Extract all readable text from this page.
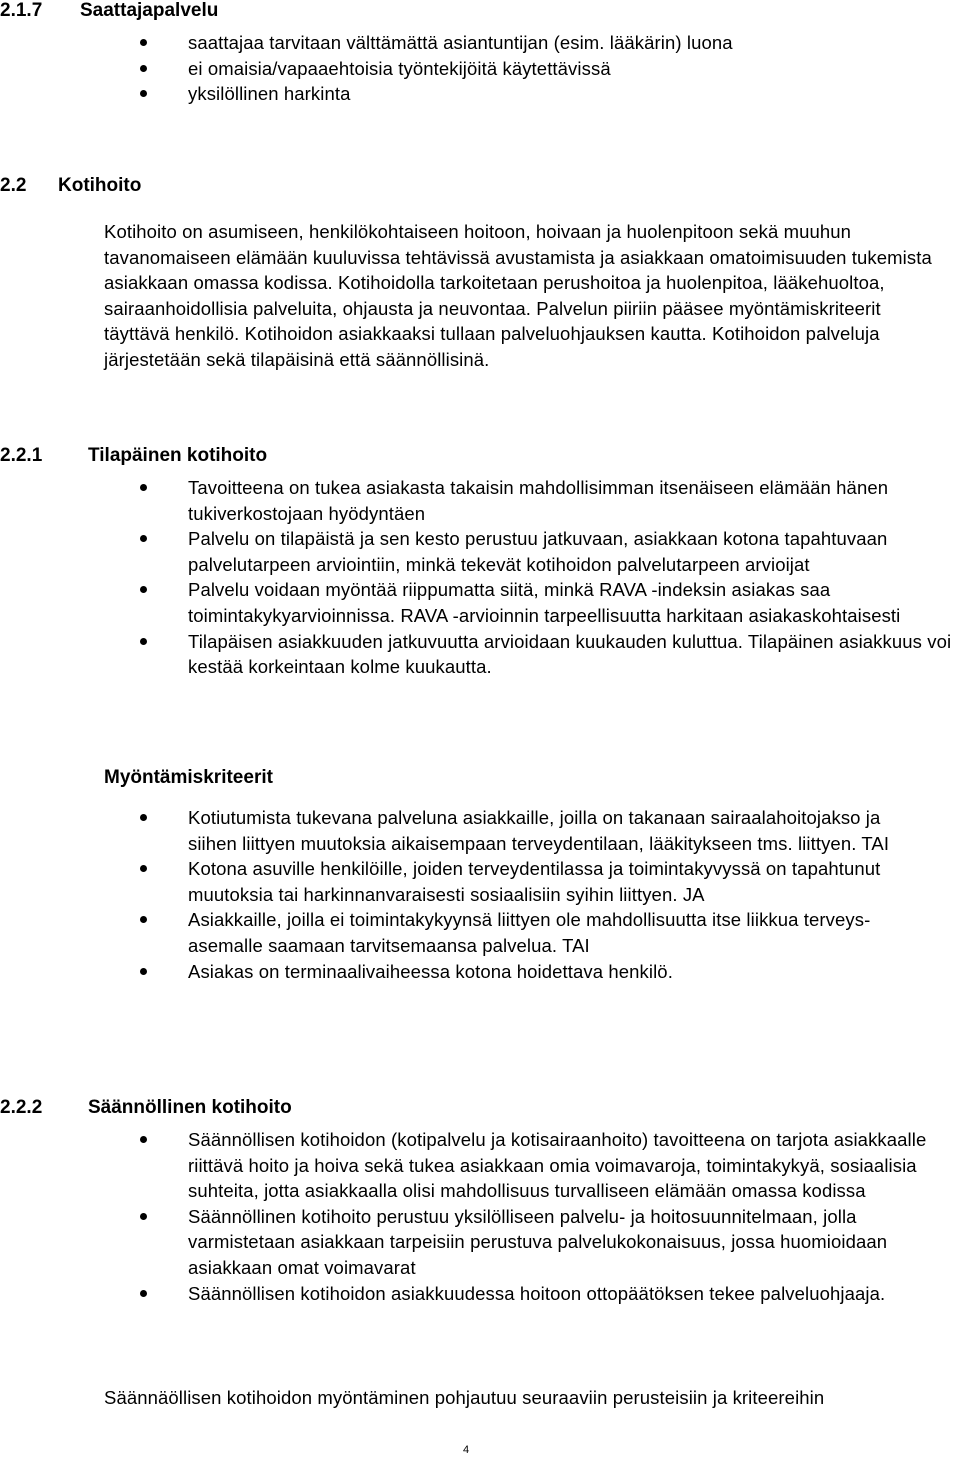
2.1.7 Saattajapalvelu
saattajaa tarvitaan välttämättä asiantuntijan (esim. lääkärin) luona
ei omaisia/vapaaehtoisia työntekijöitä käytettävissä
yksilöllinen harkinta
2.2 Kotihoito

Kotihoito on asumiseen, henkilökohtaiseen hoitoon, hoivaan ja huolenpitoon sekä muuhun tavanomaiseen elämään kuuluvissa tehtävissä avustamista ja asiakkaan omatoimisuuden tukemista asiakkaan omassa kodissa. Kotihoidolla tarkoitetaan perushoitoa ja huolenpitoa, lääkehuoltoa, sairaanhoidollisia palveluita, ohjausta ja neuvontaa. Palvelun piiriin pääsee myöntämiskriteerit täyttävä henkilö. Kotihoidon asiakkaaksi tullaan palveluohjauksen kautta. Kotihoidon palveluja järjestetään sekä tilapäisinä että säännöllisinä.

2.2.1 Tilapäinen kotihoito
Tavoitteena on tukea asiakasta takaisin mahdollisimman itsenäiseen elämään hänen tukiverkostojaan hyödyntäen
Palvelu on tilapäistä ja sen kesto perustuu jatkuvaan, asiakkaan kotona tapahtuvaan palvelutarpeen arviointiin, minkä tekevät kotihoidon palvelutarpeen arvioijat
Palvelu voidaan myöntää riippumatta siitä, minkä RAVA -indeksin asiakas saa toimintakykyarvioinnissa. RAVA -arvioinnin tarpeellisuutta harkitaan asiakaskohtaisesti
Tilapäisen asiakkuuden jatkuvuutta arvioidaan kuukauden kuluttua. Tilapäinen asiakkuus voi kestää korkeintaan kolme kuukautta.
Myöntämiskriteerit
Kotiutumista tukevana palveluna asiakkaille, joilla on takanaan sairaalahoitojakso ja siihen liittyen muutoksia aikaisempaan terveydentilaan, lääkitykseen tms. liittyen. TAI
Kotona asuville henkilöille, joiden terveydentilassa ja toimintakyvyssä on tapahtunut muutoksia tai harkinnanvaraisesti sosiaalisiin syihin liittyen. JA
Asiakkaille, joilla ei toimintakykyynsä liittyen ole mahdollisuutta itse liikkua terveys-asemalle saamaan tarvitsemaansa palvelua. TAI
Asiakas on terminaalivaiheessa kotona hoidettava henkilö.
2.2.2 Säännöllinen kotihoito
Säännöllisen kotihoidon (kotipalvelu ja kotisairaanhoito) tavoitteena on tarjota asiakkaalle riittävä hoito ja hoiva sekä tukea asiakkaan omia voimavaroja, toimintakykyä, sosiaalisia suhteita, jotta asiakkaalla olisi mahdollisuus turvalliseen elämään omassa kodissa
Säännöllinen kotihoito perustuu yksilölliseen palvelu- ja hoitosuunnitelmaan, jolla varmistetaan asiakkaan tarpeisiin perustuva palvelukokonaisuus, jossa huomioidaan asiakkaan omat voimavarat
Säännöllisen kotihoidon asiakkuudessa hoitoon ottopäätöksen tekee palveluohjaaja.

Säännäöllisen kotihoidon myöntäminen pohjautuu seuraaviin perusteisiin ja kriteereihin

4
